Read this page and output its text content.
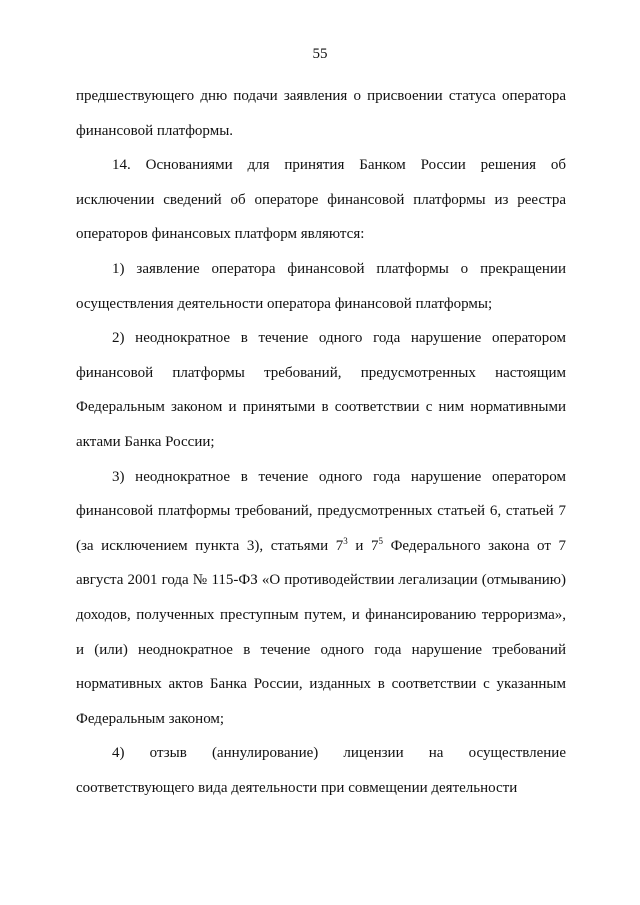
55

предшествующего дню подачи заявления о присвоении статуса оператора финансовой платформы.

14. Основаниями для принятия Банком России решения об исключении сведений об операторе финансовой платформы из реестра операторов финансовых платформ являются:

1) заявление оператора финансовой платформы о прекращении осуществления деятельности оператора финансовой платформы;

2) неоднократное в течение одного года нарушение оператором финансовой платформы требований, предусмотренных настоящим Федеральным законом и принятыми в соответствии с ним нормативными актами Банка России;

3) неоднократное в течение одного года нарушение оператором финансовой платформы требований, предусмотренных статьей 6, статьей 7 (за исключением пункта 3), статьями $7^3$ и $7^5$ Федерального закона от 7 августа 2001 года № 115-ФЗ «О противодействии легализации (отмыванию) доходов, полученных преступным путем, и финансированию терроризма», и (или) неоднократное в течение одного года нарушение требований нормативных актов Банка России, изданных в соответствии с указанным Федеральным законом;

4) отзыв (аннулирование) лицензии на осуществление соответствующего вида деятельности при совмещении деятельности
